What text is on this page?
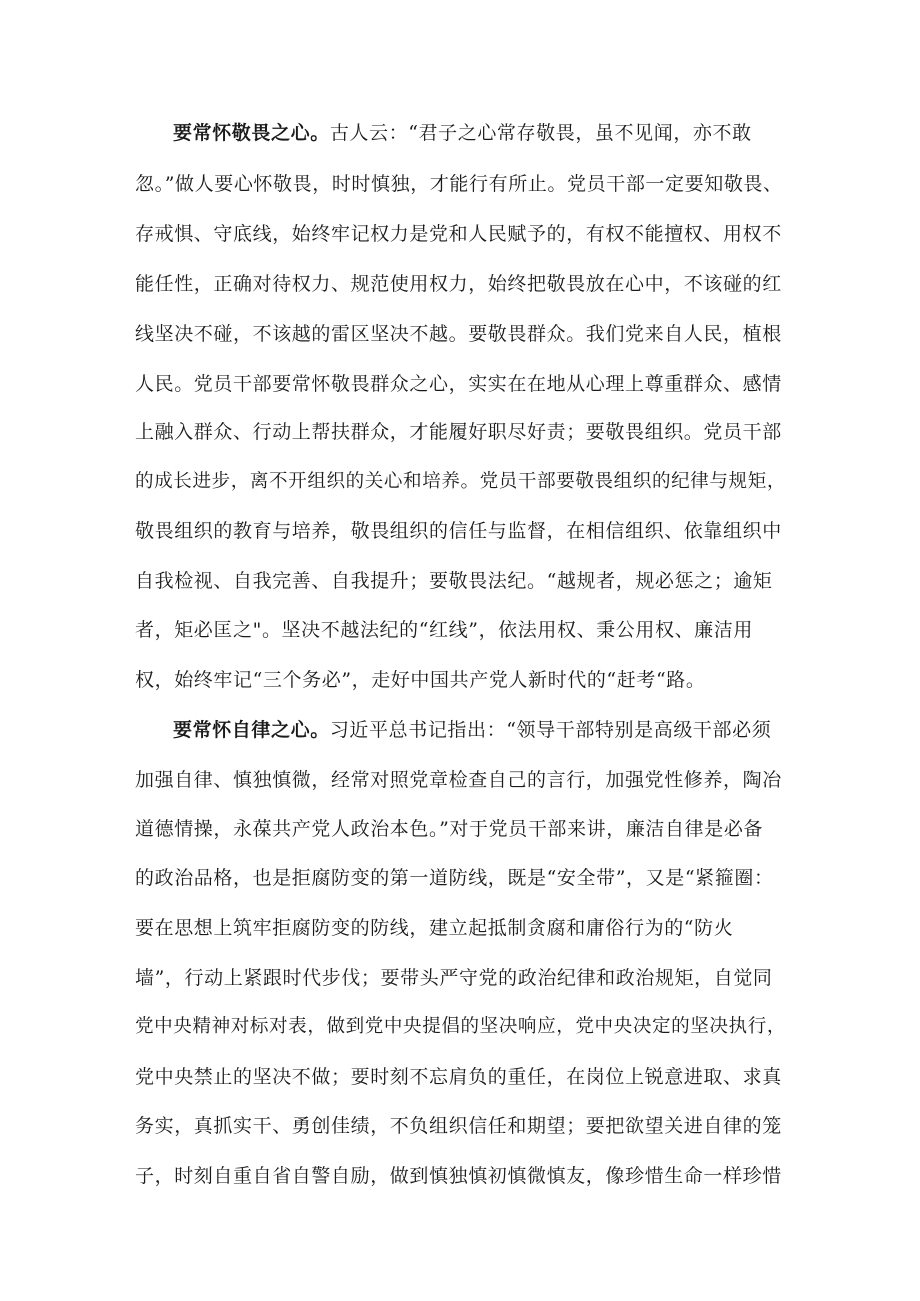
要常怀敬畏之心。古人云：“君子之心常存敬畏，虽不见闻，亦不敢
忽。”做人要心怀敬畏，时时慎独，才能行有所止。党员干部一定要知敬畏、
存戒惧、守底线，始终牢记权力是党和人民赋予的，有权不能擅权、用权不
能任性，正确对待权力、规范使用权力，始终把敬畏放在心中，不该碰的红
线坚决不碰，不该越的雷区坚决不越。要敬畏群众。我们党来自人民，植根
人民。党员干部要常怀敬畏群众之心，实实在在地从心理上尊重群众、感情
上融入群众、行动上帮扶群众，才能履好职尽好责；要敬畏组织。党员干部
的成长进步，离不开组织的关心和培养。党员干部要敬畏组织的纪律与规矩，
敬畏组织的教育与培养，敬畏组织的信任与监督，在相信组织、依靠组织中
自我检视、自我完善、自我提升；要敬畏法纪。“越规者，规必惩之；逾矩
者，矩必匡之"。坚决不越法纪的“红线”，依法用权、秉公用权、廉洁用
权，始终牢记“三个务必”，走好中国共产党人新时代的“赶考“路。
要常怀自律之心。习近平总书记指出：“领导干部特别是高级干部必须
加强自律、慎独慎微，经常对照党章检查自己的言行，加强党性修养，陶冶
道德情操，永葆共产党人政治本色。”对于党员干部来讲，廉洁自律是必备
的政治品格，也是拒腐防变的第一道防线，既是“安全带”，又是“紧箍圈：
要在思想上筑牢拒腐防变的防线，建立起抵制贪腐和庸俗行为的“防火
墙”，行动上紧跟时代步伐；要带头严守党的政治纪律和政治规矩，自觉同
党中央精神对标对表，做到党中央提倡的坚决响应，党中央决定的坚决执行，
党中央禁止的坚决不做；要时刻不忘肩负的重任，在岗位上锐意进取、求真
务实，真抓实干、勇创佳绩，不负组织信任和期望；要把欲望关进自律的笼
子，时刻自重自省自警自励，做到慎独慎初慎微慎友，像珍惜生命一样珍惜
